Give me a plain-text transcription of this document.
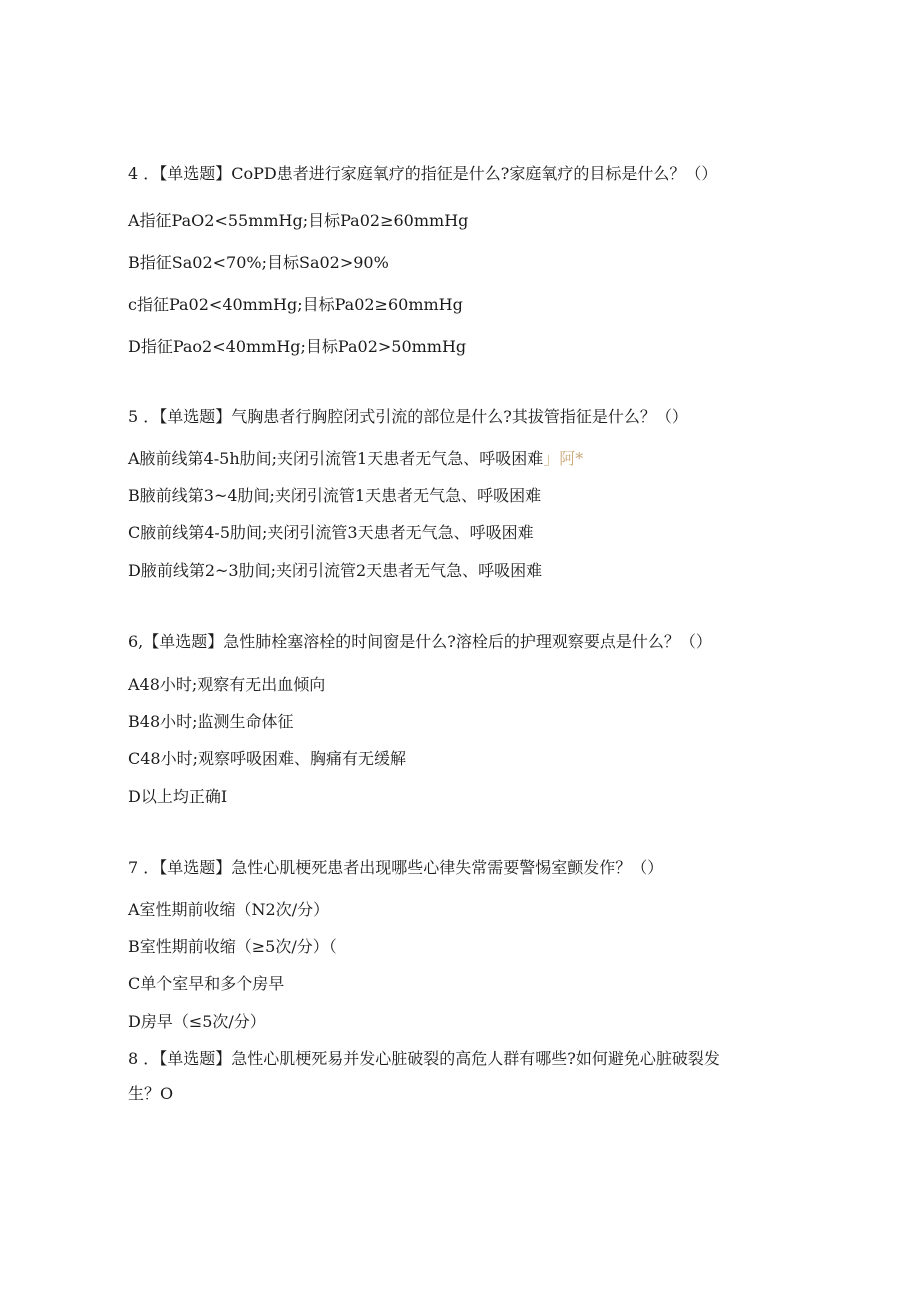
4 ．【单选题】CoPD患者进行家庭氧疗的指征是什么?家庭氧疗的目标是什么？（）
A指征PaO2<55mmHg;目标Pa02≥60mmHg
B指征Sa02<70%;目标Sa02>90%
c指征Pa02<40mmHg;目标Pa02≥60mmHg
D指征Pao2<40mmHg;目标Pa02>50mmHg
5 ．【单选题】气胸患者行胸腔闭式引流的部位是什么?其拔管指征是什么？（）
A腋前线第4-5h肋间;夹闭引流管1天患者无气急、呼吸困难」阿*
B腋前线第3~4肋间;夹闭引流管1天患者无气急、呼吸困难
C腋前线第4-5肋间;夹闭引流管3天患者无气急、呼吸困难
D腋前线第2~3肋间;夹闭引流管2天患者无气急、呼吸困难
6,【单选题】急性肺栓塞溶栓的时间窗是什么?溶栓后的护理观察要点是什么？（）
A48小时;观察有无出血倾向
B48小时;监测生命体征
C48小时;观察呼吸困难、胸痛有无缓解
D以上均正确I
7 ．【单选题】急性心肌梗死患者出现哪些心律失常需要警惕室颤发作？（）
A室性期前收缩（N2次/分）
B室性期前收缩（≥5次/分）（
C单个室早和多个房早
D房早（≤5次/分）
8 ．【单选题】急性心肌梗死易并发心脏破裂的高危人群有哪些?如何避免心脏破裂发
生？O
